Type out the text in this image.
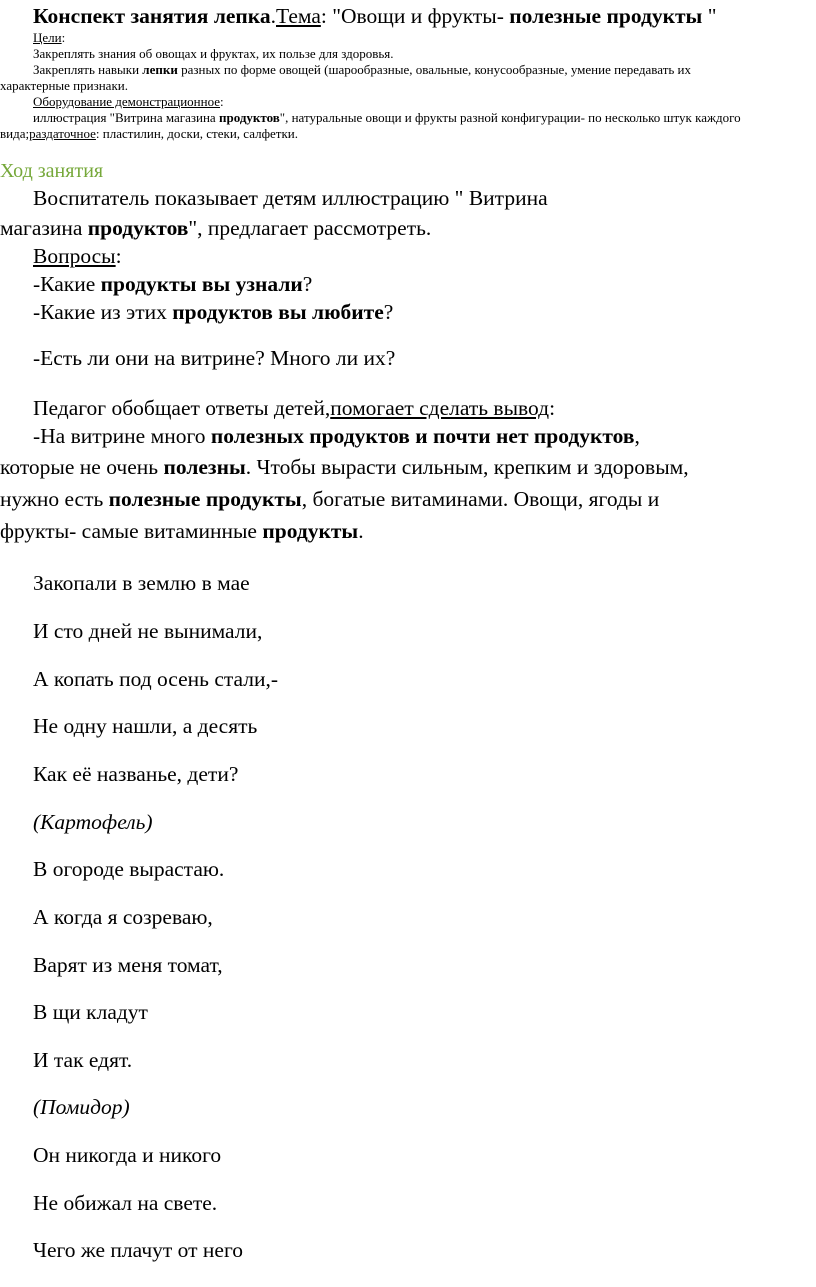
Конспект занятия лепка.Тема: "Овощи и фрукты- полезные продукты "
Цели:
Закреплять знания об овощах и фруктах, их пользе для здоровья.
Закреплять навыки лепки разных по форме овощей (шарообразные, овальные, конусообразные, умение передавать их
характерные признаки.
Оборудование демонстрационное:
иллюстрация "Витрина магазина продуктов", натуральные овощи и фрукты разной конфигурации- по несколько штук каждого
вида;раздаточное: пластилин, доски, стеки, салфетки.
Ход занятия
Воспитатель показывает детям иллюстрацию " Витрина
магазина продуктов", предлагает рассмотреть.
Вопросы:
-Какие продукты вы узнали?
-Какие из этих продуктов вы любите?
-Есть ли они на витрине? Много ли их?
Педагог обобщает ответы детей,помогает сделать вывод:
-На витрине много полезных продуктов и почти нет продуктов,
которые не очень полезны. Чтобы вырасти сильным, крепким и здоровым,
нужно есть полезные продукты, богатые витаминами. Овощи, ягоды и
фрукты- самые витаминные продукты.
Закопали в землю в мае
И сто дней не вынимали,
А копать под осень стали,-
Не одну нашли, а десять
Как её названье, дети?
(Картофель)
В огороде вырастаю.
А когда я созреваю,
Варят из меня томат,
В щи кладут
И так едят.
(Помидор)
Он никогда и никого
Не обижал на свете.
Чего же плачут от него
